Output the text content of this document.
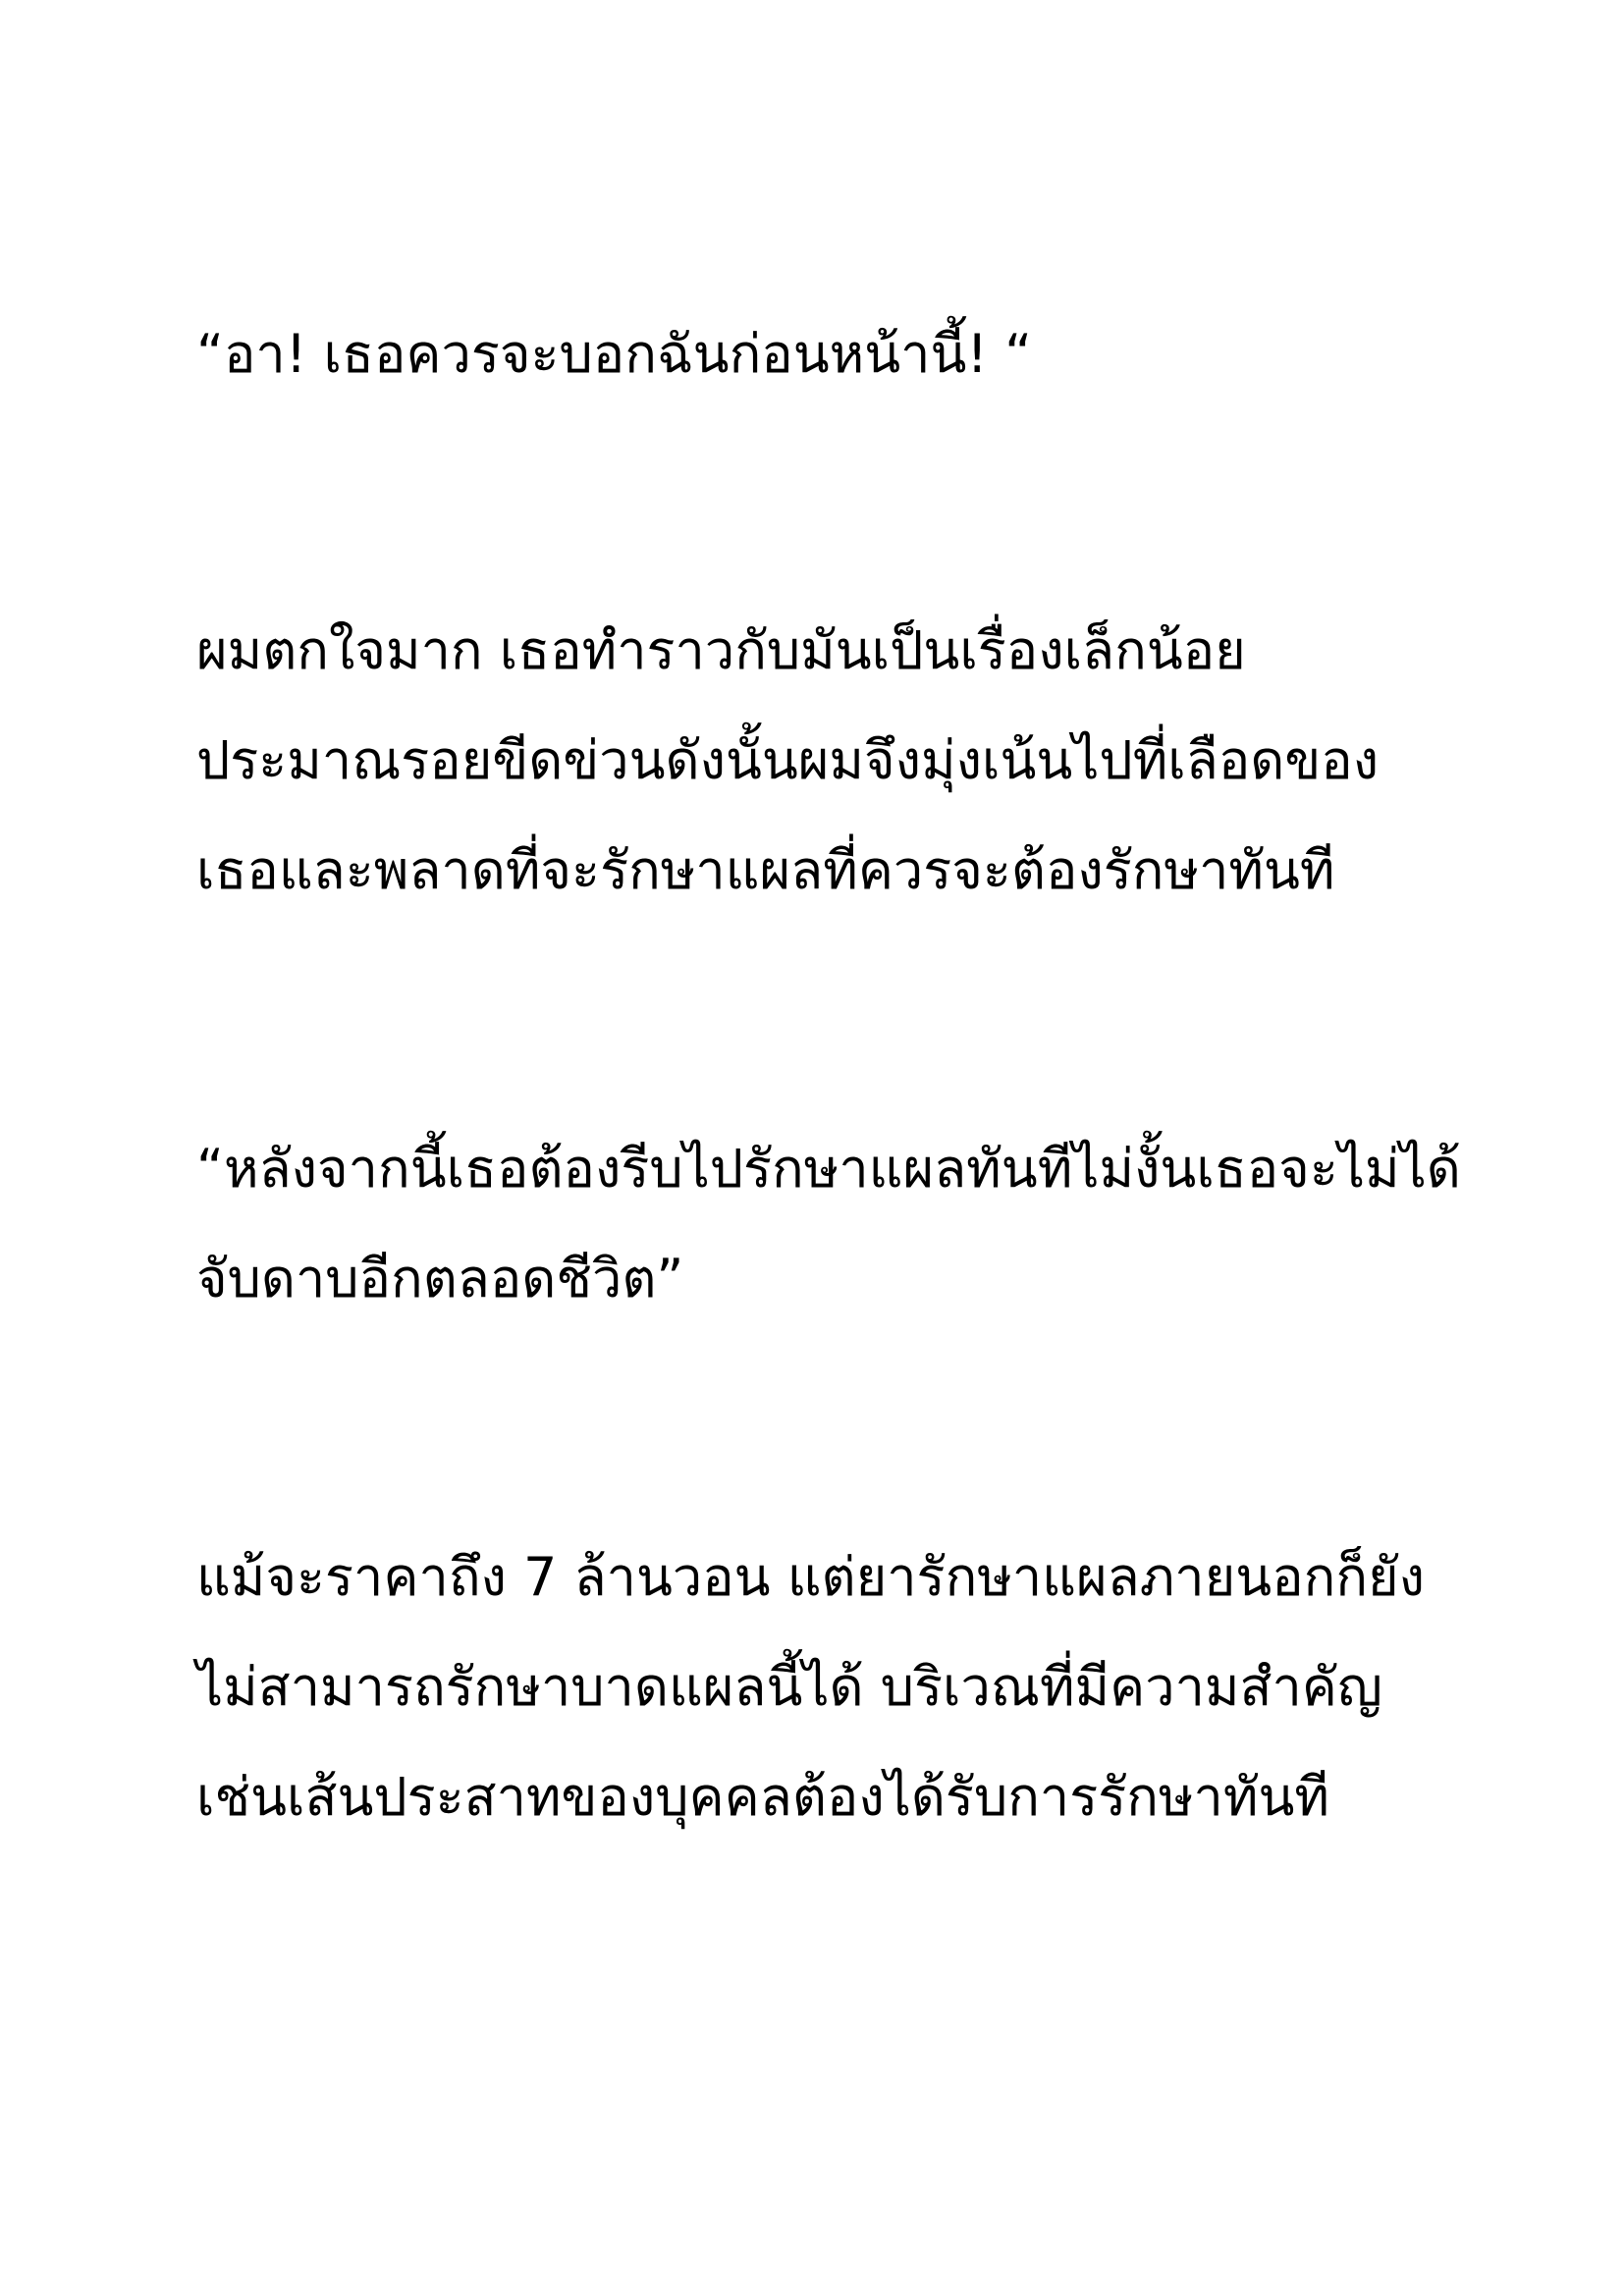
“อา! เธอควรจะบอกฉันก่อนหน้านี้! “

ผมตกใจมาก เธอทำราวกับมันเป็นเรื่องเล็กน้อย

ประมาณรอยขีดข่วนดังนั้นผมจึงมุ่งเน้นไปที่เลือดของ

เธอและพลาดที่จะรักษาแผลที่ควรจะต้องรักษาทันที

“หลังจากนี้เธอต้องรีบไปรักษาแผลทันทีไม่งั้นเธอจะไม่ได้

จับดาบอีกตลอดชีวิต”

แม้จะราคาถึง 7 ล้านวอน แต่ยารักษาแผลภายนอกก็ยัง

ไม่สามารถรักษาบาดแผลนี้ได้ บริเวณที่มีความสำคัญ

เช่นเส้นประสาทของบุคคลต้องได้รับการรักษาทันที
